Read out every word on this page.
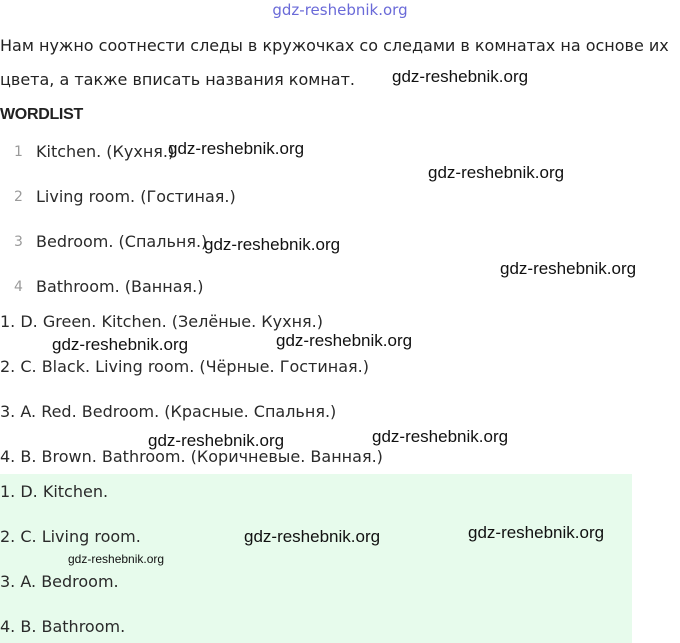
gdz-reshebnik.org
Нам нужно соотнести следы в кружочках со следами в комнатах на основе их
цвета, а также вписать названия комнат.
WORDLIST
1 Kitchen. (Кухня.)
2 Living room. (Гостиная.)
3 Bedroom. (Спальня.)
4 Bathroom. (Ванная.)
1. D. Green. Kitchen. (Зелёные. Кухня.)
2. C. Black. Living room. (Чёрные. Гостиная.)
3. A. Red. Bedroom. (Красные. Спальня.)
4. B. Brown. Bathroom. (Коричневые. Ванная.)
1. D. Kitchen.
2. C. Living room.
3. A. Bedroom.
4. B. Bathroom.
gdz-reshebnik.org
gdz-reshebnik.org
gdz-reshebnik.org
gdz-reshebnik.org
gdz-reshebnik.org
gdz-reshebnik.org	gdz-reshebnik.org
gdz-reshebnik.org	gdz-reshebnik.org
gdz-reshebnik.org	gdz-reshebnik.org
gdz-reshebnik.org
